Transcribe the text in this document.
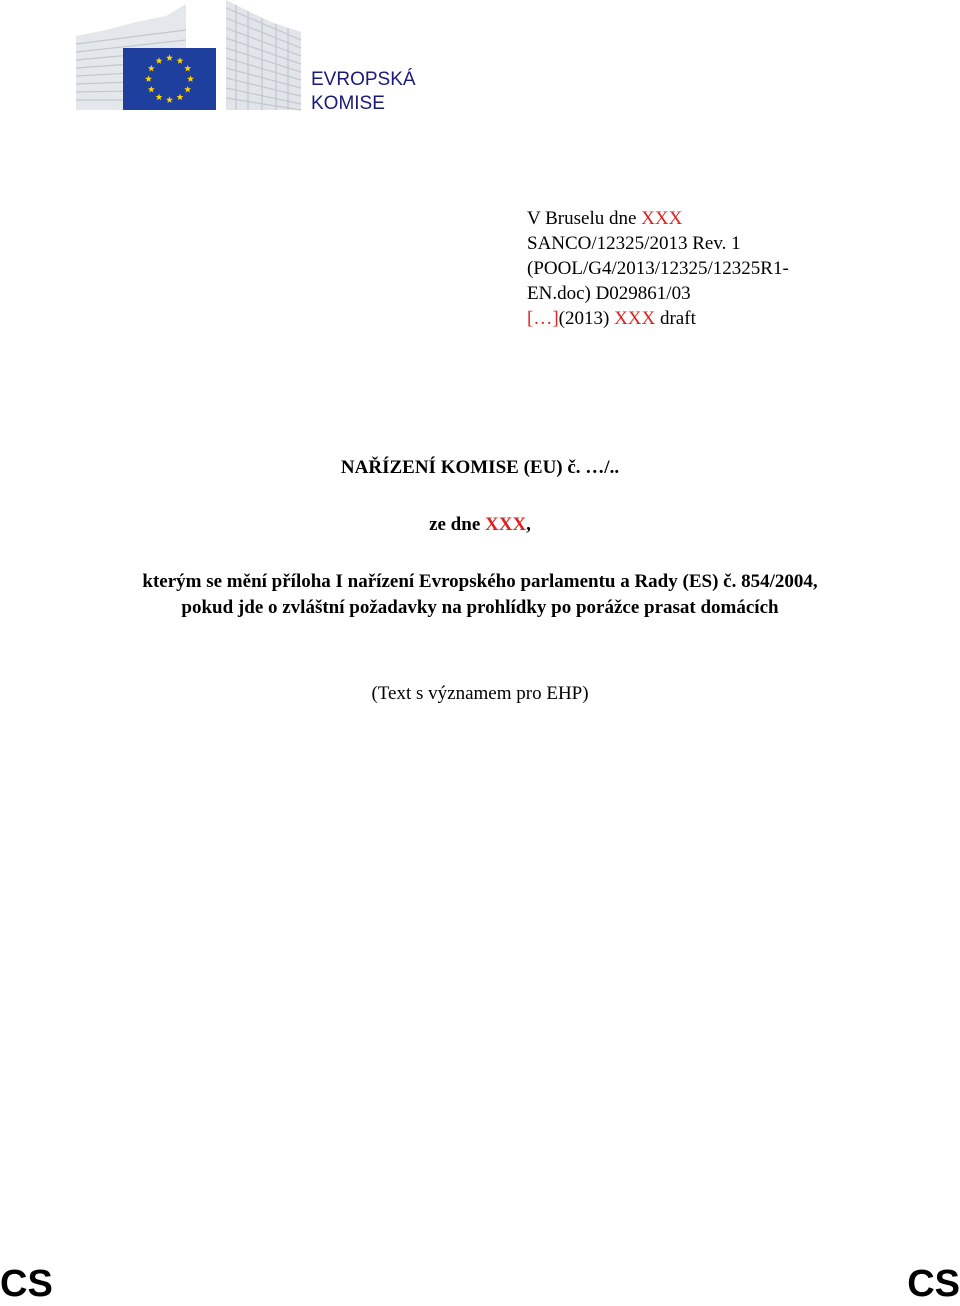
EVROPSKÁ
KOMISE
V Bruselu dne XXX
SANCO/12325/2013 Rev. 1
(POOL/G4/2013/12325/12325R1-
EN.doc) D029861/03
[…](2013) XXX draft
NAŘÍZENÍ KOMISE (EU) č. …/..
ze dne XXX,
kterým se mění příloha I nařízení Evropského parlamentu a Rady (ES) č. 854/2004,
pokud jde o zvláštní požadavky na prohlídky po porážce prasat domácích
(Text s významem pro EHP)
CS	CS
